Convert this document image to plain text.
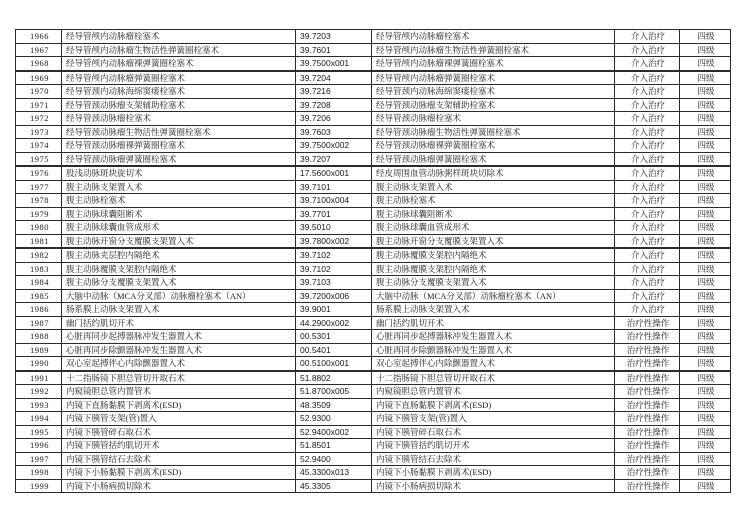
1966	经导管颅内动脉瘤栓塞术	39.7203	经导管颅内动脉瘤栓塞术	介入治疗	四级
1967	经导管颅内动脉瘤生物活性弹簧圈栓塞术	39.7601	经导管颅内动脉瘤生物活性弹簧圈栓塞术	介入治疗	四级
1968	经导管颅内动脉瘤裸弹簧圈栓塞术	39.7500x001	经导管颅内动脉瘤裸弹簧圈栓塞术	介入治疗	四级
1969	经导管颅内动脉瘤弹簧圈栓塞术	39.7204	经导管颅内动脉瘤弹簧圈栓塞术	介入治疗	四级
1970	经导管颈内动脉海绵窦瘘栓塞术	39.7216	经导管颈内动脉海绵窦瘘栓塞术	介入治疗	四级
1971	经导管颈动脉瘤支架辅助栓塞术	39.7208	经导管颈动脉瘤支架辅助栓塞术	介入治疗	四级
1972	经导管颈动脉瘤栓塞术	39.7206	经导管颈动脉瘤栓塞术	介入治疗	四级
1973	经导管颈动脉瘤生物活性弹簧圈栓塞术	39.7603	经导管颈动脉瘤生物活性弹簧圈栓塞术	介入治疗	四级
1974	经导管颈动脉瘤裸弹簧圈栓塞术	39.7500x002	经导管颈动脉瘤裸弹簧圈栓塞术	介入治疗	四级
1975	经导管颈动脉瘤弹簧圈栓塞术	39.7207	经导管颈动脉瘤弹簧圈栓塞术	介入治疗	四级
1976	股浅动脉斑块旋切术	17.5600x001	经皮周围血管动脉粥样斑块切除术	介入治疗	四级
1977	腹主动脉支架置入术	39.7101	腹主动脉支架置入术	介入治疗	四级
1978	腹主动脉栓塞术	39.7100x004	腹主动脉栓塞术	介入治疗	四级
1979	腹主动脉球囊阻断术	39.7701	腹主动脉球囊阻断术	介入治疗	四级
1980	腹主动脉球囊血管成形术	39.5010	腹主动脉球囊血管成形术	介入治疗	四级
1981	腹主动脉开窗分支覆膜支架置入术	39.7800x002	腹主动脉开窗分支覆膜支架置入术	介入治疗	四级
1982	腹主动脉夹层腔内隔绝术	39.7102	腹主动脉覆膜支架腔内隔绝术	介入治疗	四级
1983	腹主动脉覆膜支架腔内隔绝术	39.7102	腹主动脉覆膜支架腔内隔绝术	介入治疗	四级
1984	腹主动脉分支覆膜支架置入术	39.7103	腹主动脉分支覆膜支架置入术	介入治疗	四级
1985	大脑中动脉（MCA分叉部）动脉瘤栓塞术（AN）	39.7200x006	大脑中动脉（MCA分叉部）动脉瘤栓塞术（AN）	介入治疗	四级
1986	肠系膜上动脉支架置入术	39.9001	肠系膜上动脉支架置入术	介入治疗	四级
1987	幽门括约肌切开术	44.2900x002	幽门括约肌切开术	治疗性操作	四级
1988	心脏再同步起搏器脉冲发生器置入术	00.5301	心脏再同步起搏器脉冲发生器置入术	治疗性操作	四级
1989	心脏再同步除颤器脉冲发生器置入术	00.5401	心脏再同步除颤器脉冲发生器置入术	治疗性操作	四级
1990	双心室起搏伴心内除颤器置入术	00.5100x001	双心室起搏伴心内除颤器置入术	治疗性操作	四级
1991	十二指肠镜下胆总管切开取石术	51.8802	十二指肠镜下胆总管切开取石术	治疗性操作	四级
1992	内窥镜胆总管内置管术	51.8700x005	内窥镜胆总管内置管术	治疗性操作	四级
1993	内镜下直肠黏膜下剥离术(ESD)	48.3509	内镜下直肠黏膜下剥离术(ESD)	治疗性操作	四级
1994	内镜下胰管支架(管)置入	52.9300	内镜下胰管支架(管)置入	治疗性操作	四级
1995	内镜下胰管碎石取石术	52.9400x002	内镜下胰管碎石取石术	治疗性操作	四级
1996	内镜下胰管括约肌切开术	51.8501	内镜下胰管括约肌切开术	治疗性操作	四级
1997	内镜下胰管结石去除术	52.9400	内镜下胰管结石去除术	治疗性操作	四级
1998	内镜下小肠黏膜下剥离术(ESD)	45.3300x013	内镜下小肠黏膜下剥离术(ESD)	治疗性操作	四级
1999	内镜下小肠病损切除术	45.3305	内镜下小肠病损切除术	治疗性操作	四级
